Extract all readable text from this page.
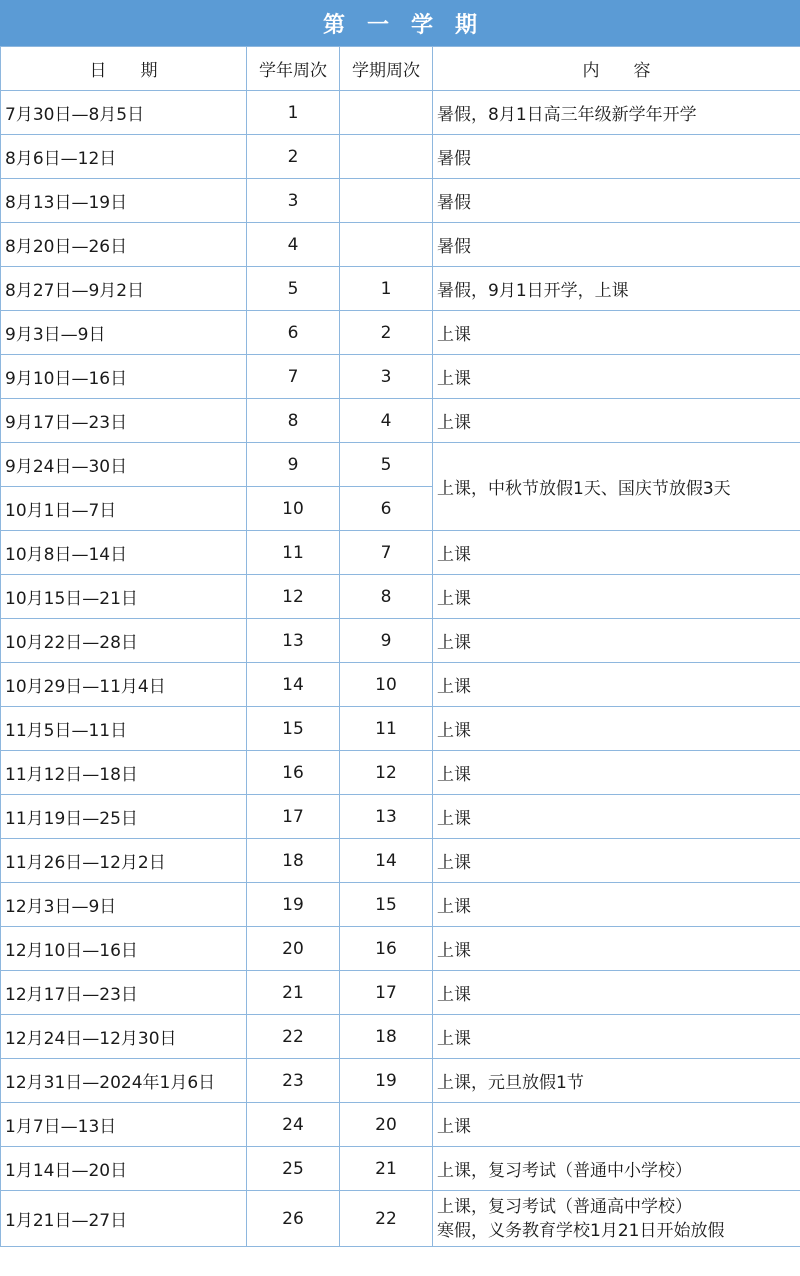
第　一　学　期
日　　期	学年周次	学期周次	内　　容
7月30日—8月5日	1		暑假，8月1日高三年级新学年开学
8月6日—12日	2		暑假
8月13日—19日	3		暑假
8月20日—26日	4		暑假
8月27日—9月2日	5	1	暑假，9月1日开学，上课
9月3日—9日	6	2	上课
9月10日—16日	7	3	上课
9月17日—23日	8	4	上课
9月24日—30日	9	5	上课，中秋节放假1天、国庆节放假3天
10月1日—7日	10	6	
10月8日—14日	11	7	上课
10月15日—21日	12	8	上课
10月22日—28日	13	9	上课
10月29日—11月4日	14	10	上课
11月5日—11日	15	11	上课
11月12日—18日	16	12	上课
11月19日—25日	17	13	上课
11月26日—12月2日	18	14	上课
12月3日—9日	19	15	上课
12月10日—16日	20	16	上课
12月17日—23日	21	17	上课
12月24日—12月30日	22	18	上课
12月31日—2024年1月6日	23	19	上课，元旦放假1节
1月7日—13日	24	20	上课
1月14日—20日	25	21	上课，复习考试（普通中小学校）
1月21日—27日	26	22	上课，复习考试（普通高中学校）
寒假，义务教育学校1月21日开始放假
